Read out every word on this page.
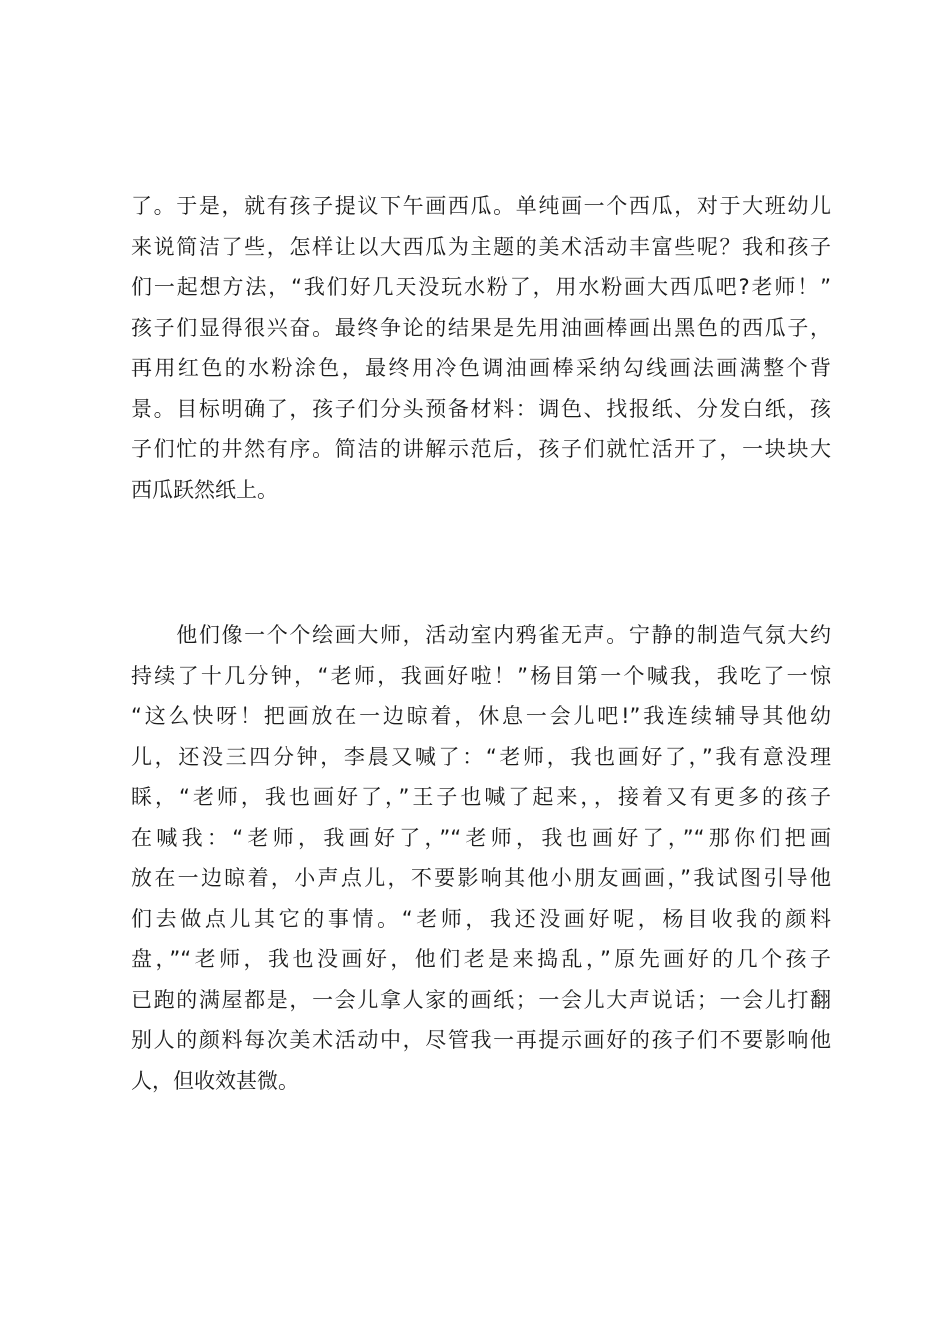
了。于是，就有孩子提议下午画西瓜。单纯画一个西瓜，对于大班幼儿
来说简洁了些，怎样让以大西瓜为主题的美术活动丰富些呢？我和孩子
们一起想方法，“我们好几天没玩水粉了，用水粉画大西瓜吧?老师！”
孩子们显得很兴奋。最终争论的结果是先用油画棒画出黑色的西瓜子，
再用红色的水粉涂色，最终用冷色调油画棒采纳勾线画法画满整个背
景。目标明确了，孩子们分头预备材料：调色、找报纸、分发白纸，孩
子们忙的井然有序。简洁的讲解示范后，孩子们就忙活开了，一块块大
西瓜跃然纸上。
　　他们像一个个绘画大师，活动室内鸦雀无声。宁静的制造气氛大约
持续了十几分钟，“老师，我画好啦！”杨目第一个喊我，我吃了一惊
“这么快呀！把画放在一边晾着，休息一会儿吧!”我连续辅导其他幼
儿，还没三四分钟，李晨又喊了：“老师，我也画好了，”我有意没理
睬，“老师，我也画好了，”王子也喊了起来，，接着又有更多的孩子
在喊我：“老师，我画好了，”“老师，我也画好了，”“那你们把画
放在一边晾着，小声点儿，不要影响其他小朋友画画，”我试图引导他
们去做点儿其它的事情。“老师，我还没画好呢，杨目收我的颜料
盘，”“老师，我也没画好，他们老是来捣乱，”原先画好的几个孩子
已跑的满屋都是，一会儿拿人家的画纸；一会儿大声说话；一会儿打翻
别人的颜料每次美术活动中，尽管我一再提示画好的孩子们不要影响他
人，但收效甚微。
